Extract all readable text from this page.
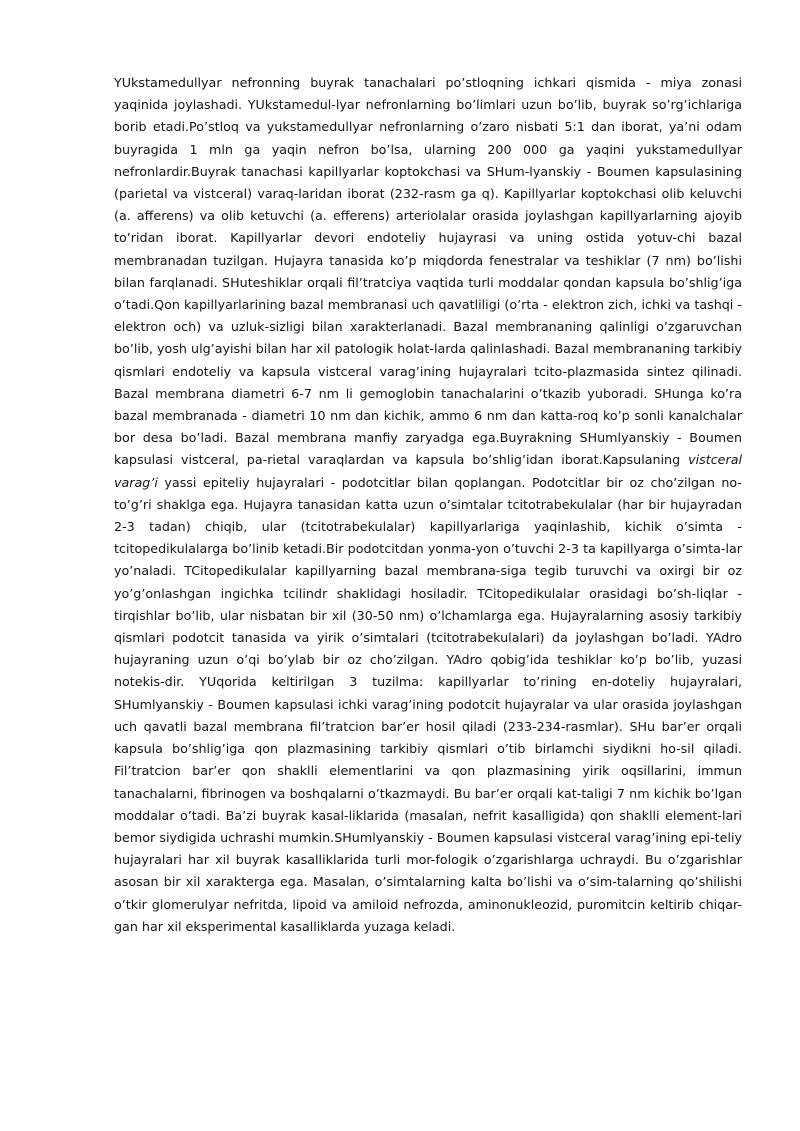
YUkstamedullyar nefronning buyrak tanachalari po’stloqning ichkari qismida - miya zonasi yaqinida joylashadi. YUkstamedul-lyar nefronlarning bo’limlari uzun bo’lib, buyrak so’rg’ichlariga borib etadi.Po’stloq va yukstamedullyar nefronlarning o’zaro nisbati 5:1 dan iborat, ya’ni odam buyragida 1 mln ga yaqin nefron bo’lsa, ularning 200 000 ga yaqini yukstamedullyar nefronlardir.Buyrak tanachasi kapillyarlar koptokchasi va SHum-lyanskiy - Boumen kapsulasining (parietal va vistceral) varaq-laridan iborat (232-rasm ga q). Kapillyarlar koptokchasi olib keluvchi (a. afferens) va olib ketuvchi (a. efferens) arteriolalar orasida joylashgan kapillyarlarning ajoyib to’ridan iborat. Kapillyarlar devori endoteliy hujayrasi va uning ostida yotuv-chi bazal membranadan tuzilgan. Hujayra tanasida ko’p miqdorda fenestralar va teshiklar (7 nm) bo’lishi bilan farqlanadi. SHuteshiklar orqali fil’tratciya vaqtida turli moddalar qondan kapsula bo’shlig’iga o’tadi.Qon kapillyarlarining bazal membranasi uch qavatliligi (o’rta - elektron zich, ichki va tashqi - elektron och) va uzluk-sizligi bilan xarakterlanadi. Bazal membrananing qalinligi o’zgaruvchan bo’lib, yosh ulg’ayishi bilan har xil patologik holat-larda qalinlashadi. Bazal membrananing tarkibiy qismlari endoteliy va kapsula vistceral varag’ining hujayralari tcito-plazmasida sintez qilinadi. Bazal membrana diametri 6-7 nm li gemoglobin tanachalarini o’tkazib yuboradi. SHunga ko’ra bazal membranada - diametri 10 nm dan kichik, ammo 6 nm dan katta-roq ko’p sonli kanalchalar bor desa bo’ladi. Bazal membrana manfiy zaryadga ega.Buyrakning SHumlyanskiy - Boumen kapsulasi vistceral, pa-rietal varaqlardan va kapsula bo’shlig’idan iborat.Kapsulaning vistceral varag’i yassi epiteliy hujayralari - podotcitlar bilan qoplangan. Podotcitlar bir oz cho’zilgan no-to’g’ri shaklga ega. Hujayra tanasidan katta uzun o’simtalar tcitotrabekulalar (har bir hujayradan 2-3 tadan) chiqib, ular (tcitotrabekulalar) kapillyarlariga yaqinlashib, kichik o’simta - tcitopedikulalarga bo’linib ketadi.Bir podotcitdan yonma-yon o’tuvchi 2-3 ta kapillyarga o’simta-lar yo’naladi. TCitopedikulalar kapillyarning bazal membrana-siga tegib turuvchi va oxirgi bir oz yo’g’onlashgan ingichka tcilindr shaklidagi hosiladir. TCitopedikulalar orasidagi bo’sh-liqlar - tirqishlar bo’lib, ular nisbatan bir xil (30-50 nm) o’lchamlarga ega. Hujayralarning asosiy tarkibiy qismlari podotcit tanasida va yirik o’simtalari (tcitotrabekulalari) da joylashgan bo’ladi. YAdro hujayraning uzun o’qi bo’ylab bir oz cho’zilgan. YAdro qobig’ida teshiklar ko’p bo’lib, yuzasi notekis-dir. YUqorida keltirilgan 3 tuzilma: kapillyarlar to’rining en-doteliy hujayralari, SHumlyanskiy - Boumen kapsulasi ichki varag’ining podotcit hujayralar va ular orasida joylashgan uch qavatli bazal membrana fil’tratcion bar’er hosil qiladi (233-234-rasmlar). SHu bar’er orqali kapsula bo’shlig’iga qon plazmasining tarkibiy qismlari o’tib birlamchi siydikni ho-sil qiladi. Fil’tratcion bar’er qon shaklli elementlarini va qon plazmasining yirik oqsillarini, immun tanachalarni, fibrinogen va boshqalarni o’tkazmaydi. Bu bar’er orqali kat-taligi 7 nm kichik bo’lgan moddalar o’tadi. Ba’zi buyrak kasal-liklarida (masalan, nefrit kasalligida) qon shaklli element-lari bemor siydigida uchrashi mumkin.SHumlyanskiy - Boumen kapsulasi vistceral varag’ining epi-teliy hujayralari har xil buyrak kasalliklarida turli mor-fologik o’zgarishlarga uchraydi. Bu o’zgarishlar asosan bir xil xarakterga ega. Masalan, o’simtalarning kalta bo’lishi va o’sim-talarning qo’shilishi o’tkir glomerulyar nefritda, lipoid va amiloid nefrozda, aminonukleozid, puromitcin keltirib chiqar-gan har xil eksperimental kasalliklarda yuzaga keladi.
